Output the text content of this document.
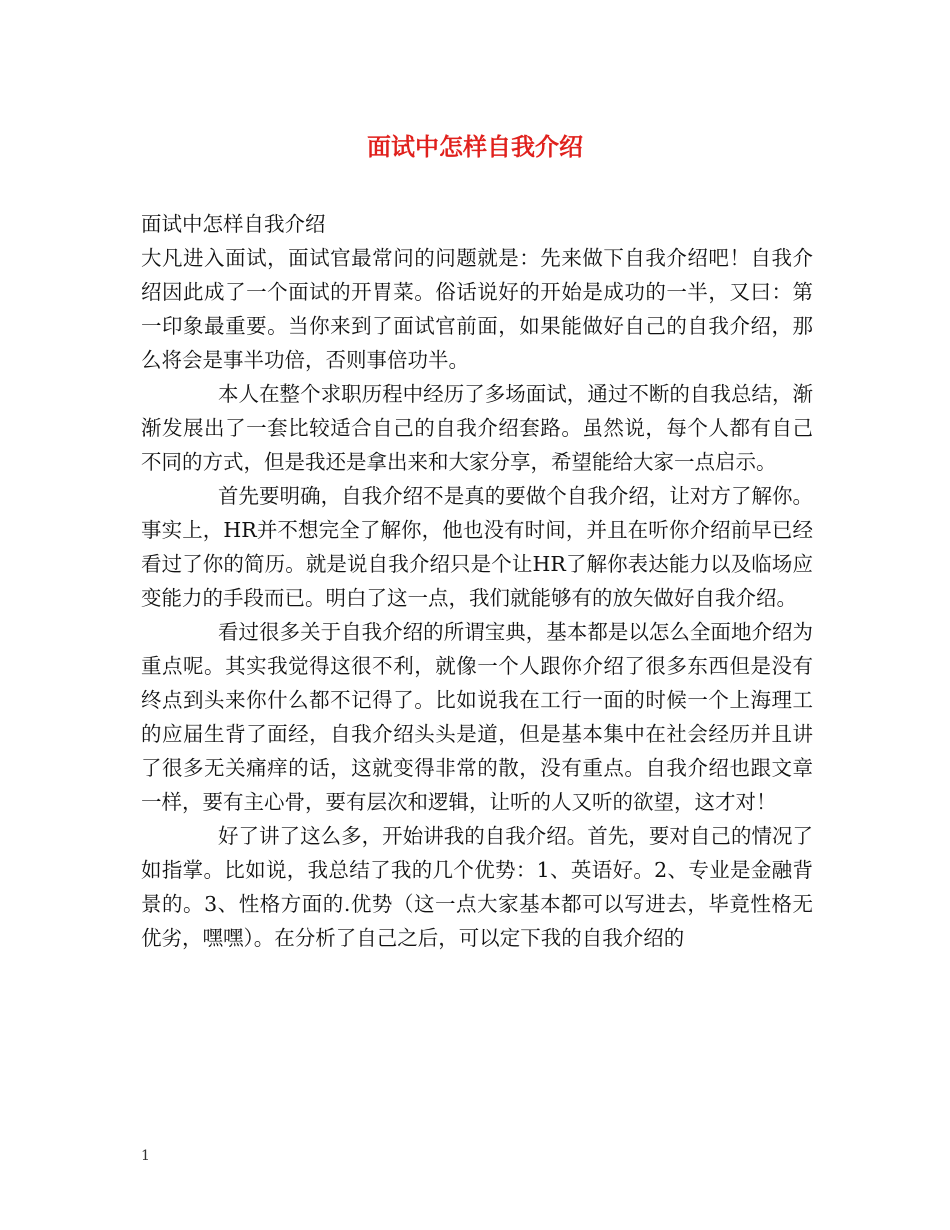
面试中怎样自我介绍

面试中怎样自我介绍

大凡进入面试，面试官最常问的问题就是：先来做下自我介绍吧！自我介绍因此成了一个面试的开胃菜。俗话说好的开始是成功的一半，又曰：第一印象最重要。当你来到了面试官前面，如果能做好自己的自我介绍，那么将会是事半功倍，否则事倍功半。

本人在整个求职历程中经历了多场面试，通过不断的自我总结，渐渐发展出了一套比较适合自己的自我介绍套路。虽然说，每个人都有自己不同的方式，但是我还是拿出来和大家分享，希望能给大家一点启示。

首先要明确，自我介绍不是真的要做个自我介绍，让对方了解你。事实上，HR并不想完全了解你，他也没有时间，并且在听你介绍前早已经看过了你的简历。就是说自我介绍只是个让HR了解你表达能力以及临场应变能力的手段而已。明白了这一点，我们就能够有的放矢做好自我介绍。

看过很多关于自我介绍的所谓宝典，基本都是以怎么全面地介绍为重点呢。其实我觉得这很不利，就像一个人跟你介绍了很多东西但是没有终点到头来你什么都不记得了。比如说我在工行一面的时候一个上海理工的应届生背了面经，自我介绍头头是道，但是基本集中在社会经历并且讲了很多无关痛痒的话，这就变得非常的散，没有重点。自我介绍也跟文章一样，要有主心骨，要有层次和逻辑，让听的人又听的欲望，这才对！

好了讲了这么多，开始讲我的自我介绍。首先，要对自己的情况了如指掌。比如说，我总结了我的几个优势：1、英语好。2、专业是金融背景的。3、性格方面的.优势（这一点大家基本都可以写进去，毕竟性格无优劣，嘿嘿）。在分析了自己之后，可以定下我的自我介绍的

1
